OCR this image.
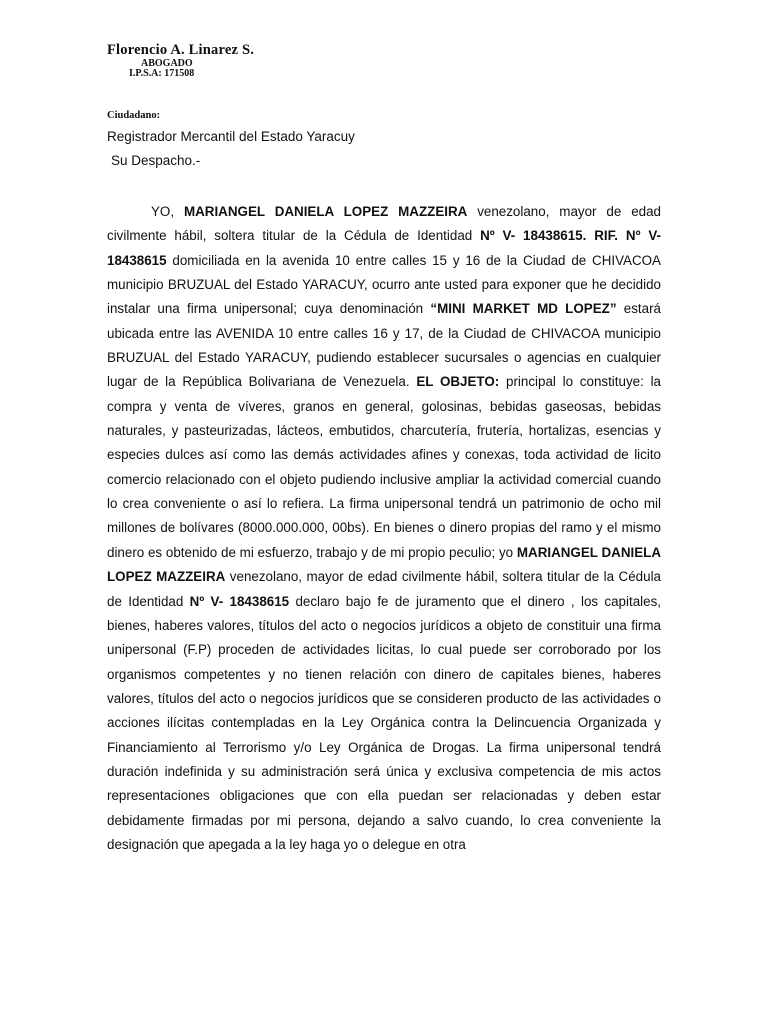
Florencio A. Linarez S.
ABOGADO
I.P.S.A: 171508
Ciudadano:
Registrador Mercantil del Estado Yaracuy
Su Despacho.-

YO, MARIANGEL DANIELA LOPEZ MAZZEIRA venezolano, mayor de edad civilmente hábil, soltera titular de la Cédula de Identidad Nº V- 18438615. RIF. Nº V- 18438615 domiciliada en la avenida 10 entre calles 15 y 16 de la Ciudad de CHIVACOA municipio BRUZUAL del Estado YARACUY, ocurro ante usted para exponer que he decidido instalar una firma unipersonal; cuya denominación “MINI MARKET MD LOPEZ” estará ubicada entre las AVENIDA 10 entre calles 16 y 17, de la Ciudad de CHIVACOA municipio BRUZUAL del Estado YARACUY, pudiendo establecer sucursales o agencias en cualquier lugar de la República Bolivariana de Venezuela. EL OBJETO: principal lo constituye: la compra y venta de víveres, granos en general, golosinas, bebidas gaseosas, bebidas naturales, y pasteurizadas, lácteos, embutidos, charcutería, frutería, hortalizas, esencias y especies dulces así como las demás actividades afines y conexas, toda actividad de licito comercio relacionado con el objeto pudiendo inclusive ampliar la actividad comercial cuando lo crea conveniente o así lo refiera. La firma unipersonal tendrá un patrimonio de ocho mil millones de bolívares (8000.000.000, 00bs). En bienes o dinero propias del ramo y el mismo dinero es obtenido de mi esfuerzo, trabajo y de mi propio peculio; yo MARIANGEL DANIELA LOPEZ MAZZEIRA venezolano, mayor de edad civilmente hábil, soltera titular de la Cédula de Identidad Nº V- 18438615 declaro bajo fe de juramento que el dinero , los capitales, bienes, haberes valores, títulos del acto o negocios jurídicos a objeto de constituir una firma unipersonal (F.P) proceden de actividades licitas, lo cual puede ser corroborado por los organismos competentes y no tienen relación con dinero de capitales bienes, haberes valores, títulos del acto o negocios jurídicos que se consideren producto de las actividades o acciones ilícitas contempladas en la Ley Orgánica contra la Delincuencia Organizada y Financiamiento al Terrorismo y/o Ley Orgánica de Drogas. La firma unipersonal tendrá duración indefinida y su administración será única y exclusiva competencia de mis actos representaciones obligaciones que con ella puedan ser relacionadas y deben estar debidamente firmadas por mi persona, dejando a salvo cuando, lo crea conveniente la designación que apegada a la ley haga yo o delegue en otra
